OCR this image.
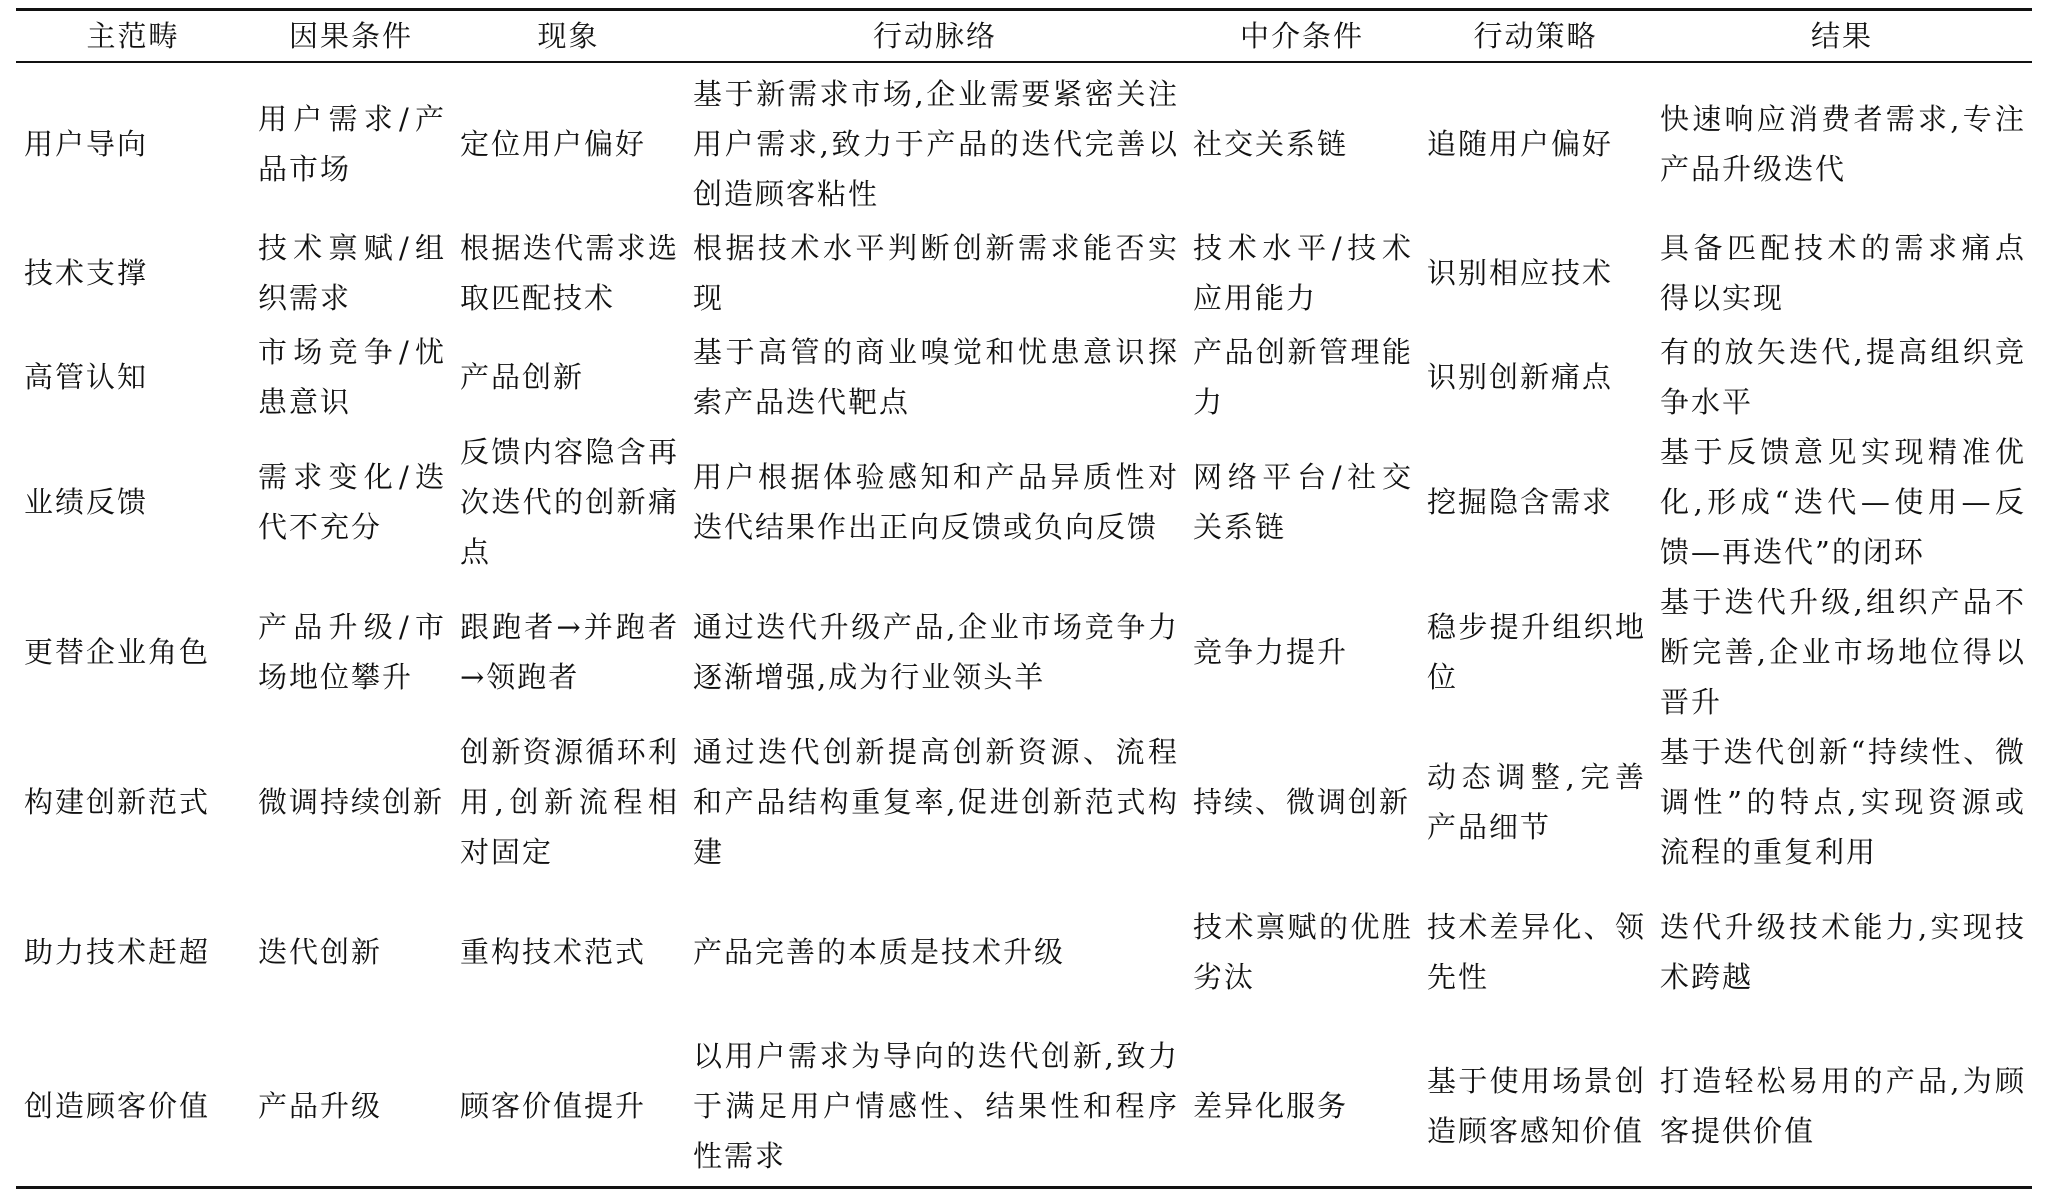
主范畴	因果条件	现象	行动脉络	中介条件	行动策略	结果
用户导向	用户需求/产品市场	定位用户偏好	基于新需求市场,企业需要紧密关注用户需求,致力于产品的迭代完善以创造顾客粘性	社交关系链	追随用户偏好	快速响应消费者需求,专注产品升级迭代
技术支撑	技术禀赋/组织需求	根据迭代需求选取匹配技术	根据技术水平判断创新需求能否实现	技术水平/技术应用能力	识别相应技术	具备匹配技术的需求痛点得以实现
高管认知	市场竞争/忧患意识	产品创新	基于高管的商业嗅觉和忧患意识探索产品迭代靶点	产品创新管理能力	识别创新痛点	有的放矢迭代,提高组织竞争水平
业绩反馈	需求变化/迭代不充分	反馈内容隐含再次迭代的创新痛点	用户根据体验感知和产品异质性对迭代结果作出正向反馈或负向反馈	网络平台/社交关系链	挖掘隐含需求	基于反馈意见实现精准优化,形成“迭代—使用—反馈—再迭代”的闭环
更替企业角色	产品升级/市场地位攀升	跟跑者→并跑者→领跑者	通过迭代升级产品,企业市场竞争力逐渐增强,成为行业领头羊	竞争力提升	稳步提升组织地位	基于迭代升级,组织产品不断完善,企业市场地位得以晋升
构建创新范式	微调持续创新	创新资源循环利用,创新流程相对固定	通过迭代创新提高创新资源、流程和产品结构重复率,促进创新范式构建	持续、微调创新	动态调整,完善产品细节	基于迭代创新“持续性、微调性”的特点,实现资源或流程的重复利用
助力技术赶超	迭代创新	重构技术范式	产品完善的本质是技术升级	技术禀赋的优胜劣汰	技术差异化、领先性	迭代升级技术能力,实现技术跨越
创造顾客价值	产品升级	顾客价值提升	以用户需求为导向的迭代创新,致力于满足用户情感性、结果性和程序性需求	差异化服务	基于使用场景创造顾客感知价值	打造轻松易用的产品,为顾客提供价值
